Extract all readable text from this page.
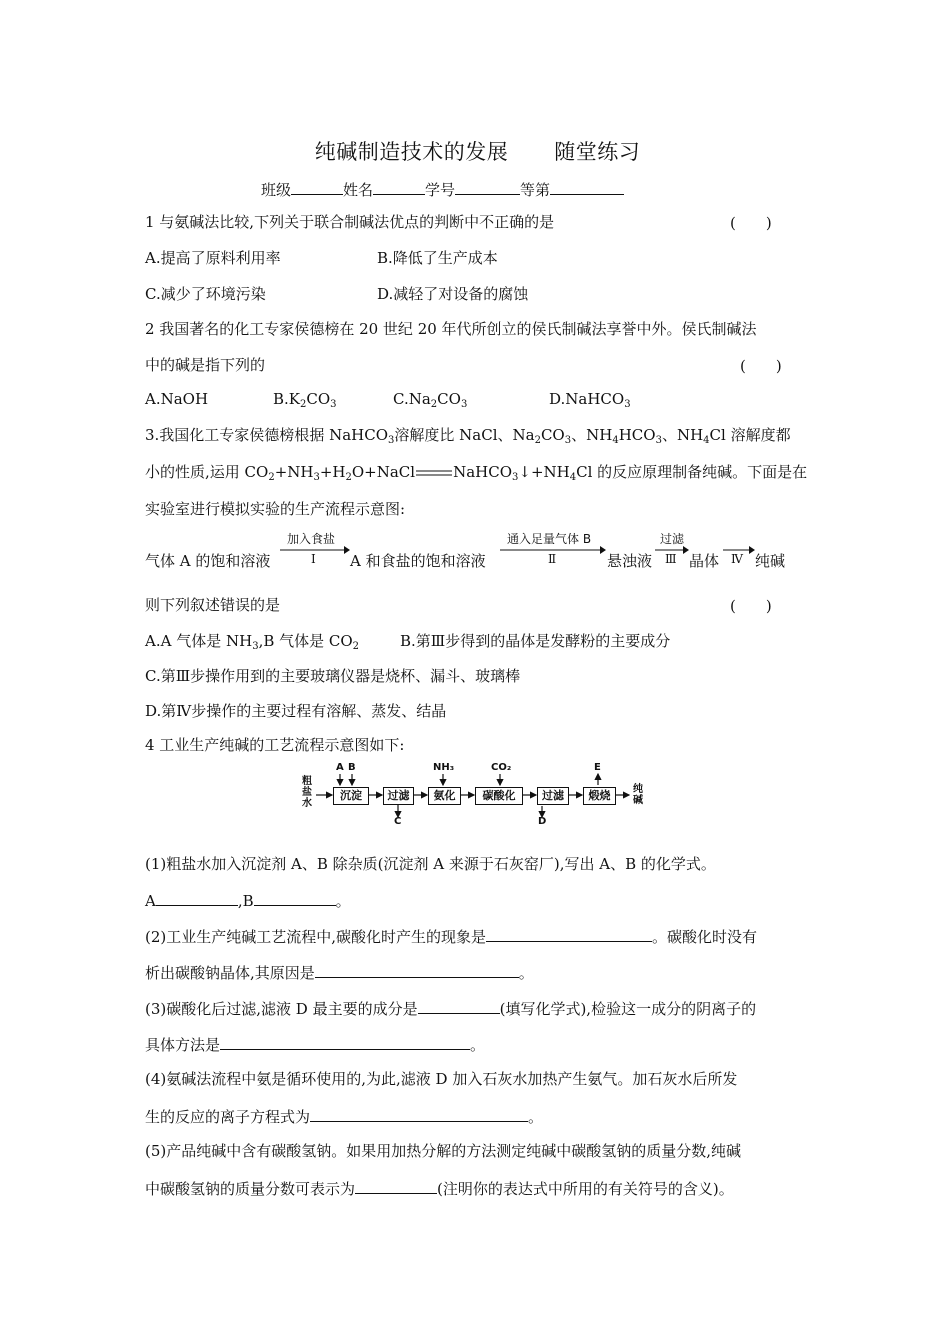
纯碱制造技术的发展 随堂练习
班级	姓名	学号	等第
1 与氨碱法比较,下列关于联合制碱法优点的判断中不正确的是	(　　)
A.提高了原料利用率	B.降低了生产成本
C.减少了环境污染	D.减轻了对设备的腐蚀
2 我国著名的化工专家侯德榜在 20 世纪 20 年代所创立的侯氏制碱法享誉中外。侯氏制碱法
中的碱是指下列的	(　　)
A.NaOH	$B.K_2CO_3$	$C.Na_2CO_3$	D.NaHCO$_3$
3.我国化工专家侯德榜根据 NaHCO$_3$溶解度比 NaCl、$Na_2CO_3$、$NH_4HCO_3$、$NH_4Cl$ 溶解度都
小的性质,运用 $CO_2+NH_3+H_2O+NaCl$	$NaHCO_3↓+NH_4Cl$ 的反应原理制备纯碱。下面是在
实验室进行模拟实验的生产流程示意图:
气体 A 的饱和溶液
加入食盐
Ⅰ A 和食盐的饱和溶液
通入足量气体 B
Ⅱ	悬浊液
过滤
Ⅲ 晶体 Ⅳ 纯碱
则下列叙述错误的是	(　　)
A.A 气体是 $NH_3,B$ 气体是 $CO_2$	B.第Ⅲ步得到的晶体是发酵粉的主要成分
C.第Ⅲ步操作用到的主要玻璃仪器是烧杯、漏斗、玻璃棒
D.第Ⅳ步操作的主要过程有溶解、蒸发、结晶
4 工业生产纯碱的工艺流程示意图如下:
粗盐水
A B
沉淀	过滤
C
NH₃
氨化
CO₂
碳酸化	过滤
D
E
煅烧	纯碱
(1)粗盐水加入沉淀剂 A、B 除杂质(沉淀剂 A 来源于石灰窑厂),写出 A、B 的化学式。
A	,B	。
(2)工业生产纯碱工艺流程中,碳酸化时产生的现象是	。碳酸化时没有
析出碳酸钠晶体,其原因是	。
(3)碳酸化后过滤,滤液 D 最主要的成分是	(填写化学式),检验这一成分的阴离子的
具体方法是	。
(4)氨碱法流程中氨是循环使用的,为此,滤液 D 加入石灰水加热产生氨气。加石灰水后所发
生的反应的离子方程式为	。
(5)产品纯碱中含有碳酸氢钠。如果用加热分解的方法测定纯碱中碳酸氢钠的质量分数,纯碱
中碳酸氢钠的质量分数可表示为	(注明你的表达式中所用的有关符号的含义)。
